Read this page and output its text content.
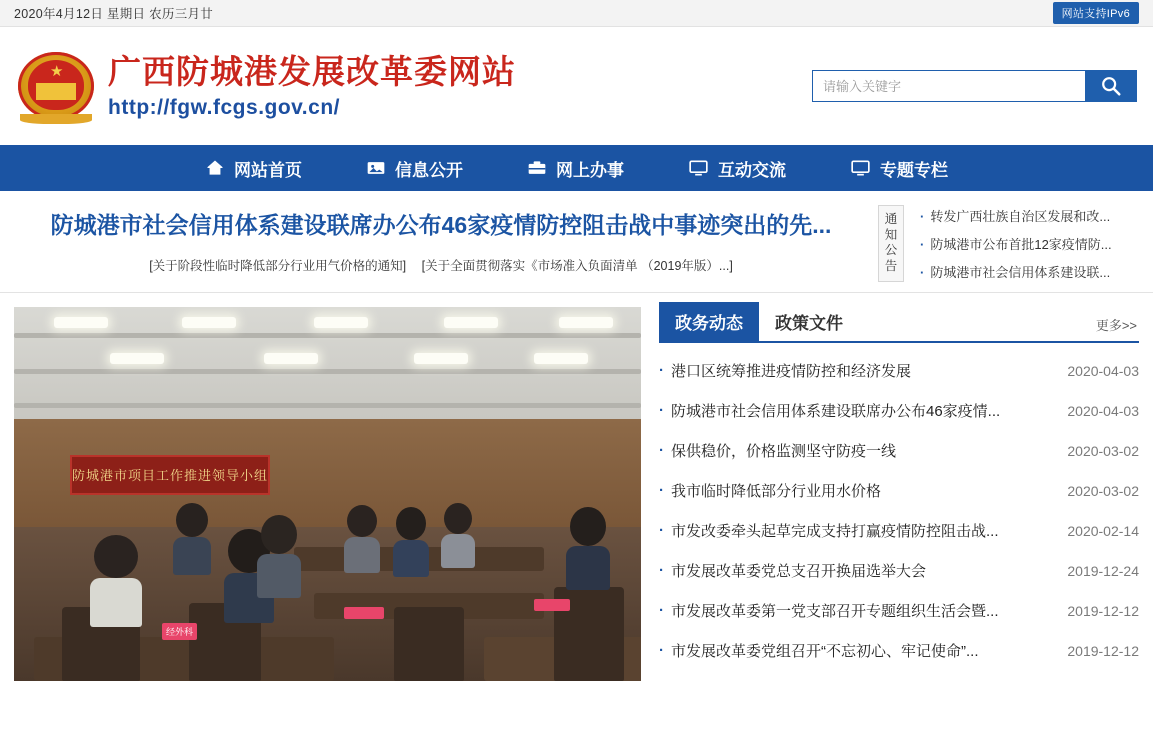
2020年4月12日 星期日 农历三月廿	网站支持IPv6
★ 广西防城港发展改革委网站
http://fgw.fcgs.gov.cn/
请输入关键字
网站首页	信息公开	网上办事	互动交流	专题专栏
防城港市社会信用体系建设联席办公布46家疫情防控阻击战中事迹突出的先...
[关于阶段性临时降低部分行业用气价格的通知] [关于全面贯彻落实《市场准入负面清单 （2019年版）...]
通知公告
· 转发广西壮族自治区发展和改...
· 防城港市公布首批12家疫情防...
· 防城港市社会信用体系建设联...
防城港市项目工作推进领导小组
经外科
政务动态	政策文件	更多>>
· 港口区统筹推进疫情防控和经济发展	2020-04-03
· 防城港市社会信用体系建设联席办公布46家疫情...	2020-04-03
· 保供稳价，价格监测坚守防疫一线	2020-03-02
· 我市临时降低部分行业用水价格	2020-03-02
· 市发改委牵头起草完成支持打赢疫情防控阻击战...	2020-02-14
· 市发展改革委党总支召开换届选举大会	2019-12-24
· 市发展改革委第一党支部召开专题组织生活会暨...	2019-12-12
· 市发展改革委党组召开“不忘初心、牢记使命”...	2019-12-12
